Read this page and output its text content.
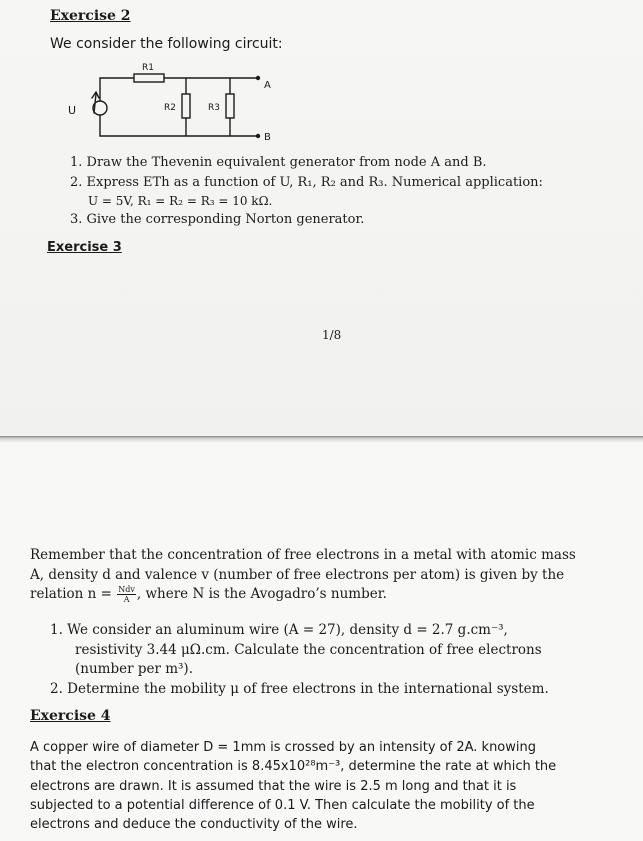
Exercise 2
We consider the following circuit:
U
R1
R2	R3
A
B
1. Draw the Thevenin equivalent generator from node A and B.
2. Express ETh as a function of U, R₁, R₂ and R₃. Numerical application:
U = 5V, R₁ = R₂ = R₃ = 10 kΩ.
3. Give the corresponding Norton generator.
Exercise 3
1/8
Remember that the concentration of free electrons in a metal with atomic mass
A, density d and valence v (number of free electrons per atom) is given by the
relation $n = \frac{\text{Ndv}}{A}$ , where N is the Avogadro’s number.
1. We consider an aluminum wire (A = 27), density d = 2.7 g.cm⁻³,
resistivity 3.44 μΩ.cm. Calculate the concentration of free electrons
(number per m³).
2. Determine the mobility μ of free electrons in the international system.
Exercise 4
A copper wire of diameter D = 1mm is crossed by an intensity of 2A. knowing
that the electron concentration is 8.45x10²⁸m⁻³, determine the rate at which the
electrons are drawn. It is assumed that the wire is 2.5 m long and that it is
subjected to a potential difference of 0.1 V. Then calculate the mobility of the
electrons and deduce the conductivity of the wire.
